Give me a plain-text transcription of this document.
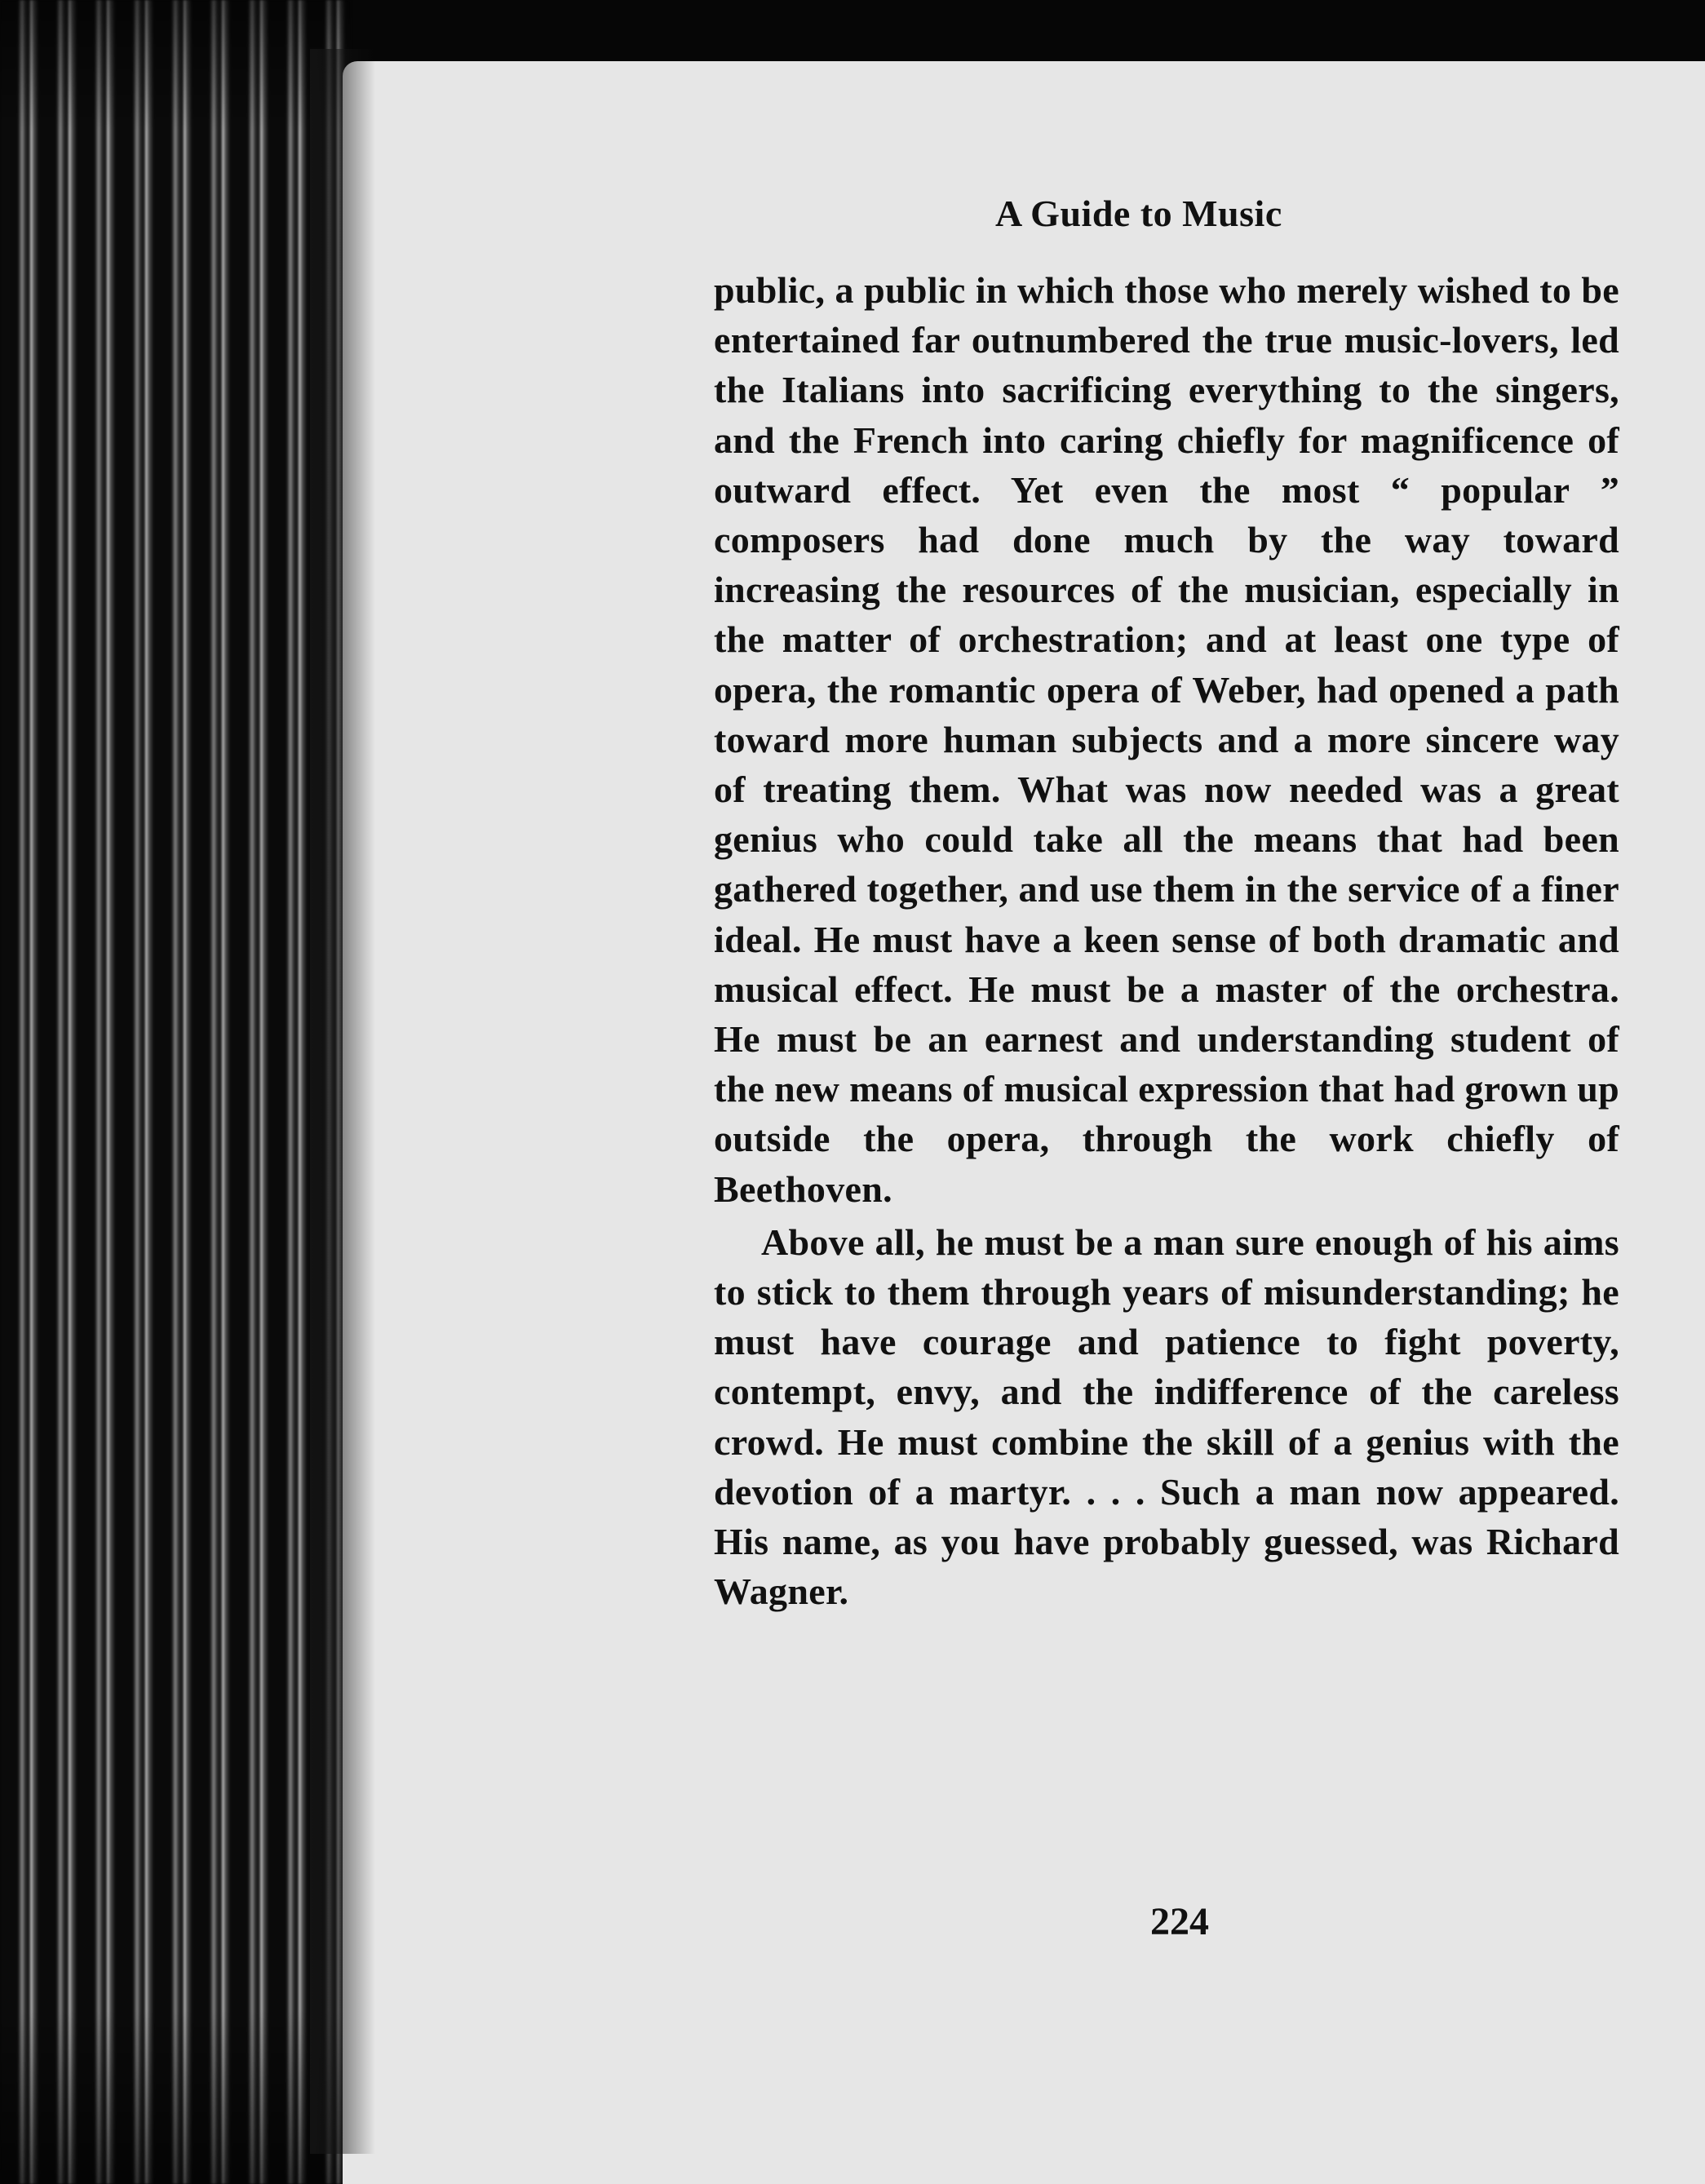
A Guide to Music

public, a public in which those who merely wished to be entertained far outnumbered the true music-lovers, led the Italians into sacrificing everything to the singers, and the French into caring chiefly for magnificence of outward effect. Yet even the most “ popular ” composers had done much by the way toward increasing the resources of the musician, especially in the matter of orchestration; and at least one type of opera, the romantic opera of Weber, had opened a path toward more human subjects and a more sincere way of treating them. What was now needed was a great genius who could take all the means that had been gathered together, and use them in the service of a finer ideal. He must have a keen sense of both dramatic and musical effect. He must be a master of the orchestra. He must be an earnest and understanding student of the new means of musical expression that had grown up outside the opera, through the work chiefly of Beethoven.

Above all, he must be a man sure enough of his aims to stick to them through years of misunderstanding; he must have courage and patience to fight poverty, contempt, envy, and the indifference of the careless crowd. He must combine the skill of a genius with the devotion of a martyr. . . . Such a man now appeared. His name, as you have probably guessed, was Richard Wagner.

224
